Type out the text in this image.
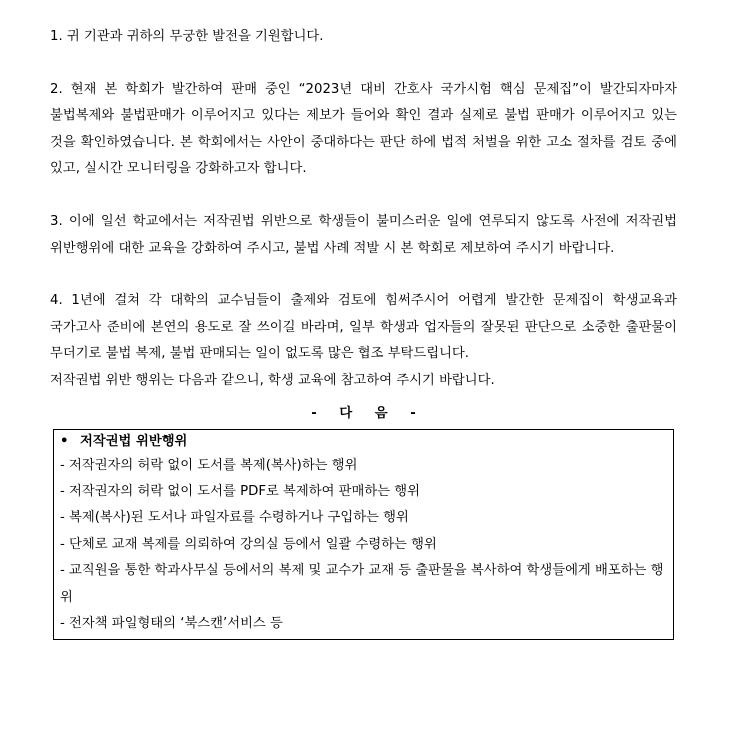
1. 귀 기관과 귀하의 무궁한 발전을 기원합니다.

2. 현재 본 학회가 발간하여 판매 중인 “2023년 대비 간호사 국가시험 핵심 문제집”이 발간되자마자 불법복제와 불법판매가 이루어지고 있다는 제보가 들어와 확인 결과 실제로 불법 판매가 이루어지고 있는 것을 확인하였습니다. 본 학회에서는 사안이 중대하다는 판단 하에 법적 처벌을 위한 고소 절차를 검토 중에 있고, 실시간 모니터링을 강화하고자 합니다.

3. 이에 일선 학교에서는 저작권법 위반으로 학생들이 불미스러운 일에 연루되지 않도록 사전에 저작권법 위반행위에 대한 교육을 강화하여 주시고, 불법 사례 적발 시 본 학회로 제보하여 주시기 바랍니다.

4. 1년에 걸쳐 각 대학의 교수님들이 출제와 검토에 힘써주시어 어렵게 발간한 문제집이 학생교육과 국가고사 준비에 본연의 용도로 잘 쓰이길 바라며, 일부 학생과 업자들의 잘못된 판단으로 소중한 출판물이 무더기로 불법 복제, 불법 판매되는 일이 없도록 많은 협조 부탁드립니다.

저작권법 위반 행위는 다음과 같으니, 학생 교육에 참고하여 주시기 바랍니다.

- 다 음 -

• 저작권법 위반행위

- 저작권자의 허락 없이 도서를 복제(복사)하는 행위
- 저작권자의 허락 없이 도서를 PDF로 복제하여 판매하는 행위
- 복제(복사)된 도서나 파일자료를 수령하거나 구입하는 행위
- 단체로 교재 복제를 의뢰하여 강의실 등에서 일괄 수령하는 행위
- 교직원을 통한 학과사무실 등에서의 복제 및 교수가 교재 등 출판물을 복사하여 학생들에게 배포하는 행위
- 전자책 파일형태의 ‘북스캔’서비스 등
